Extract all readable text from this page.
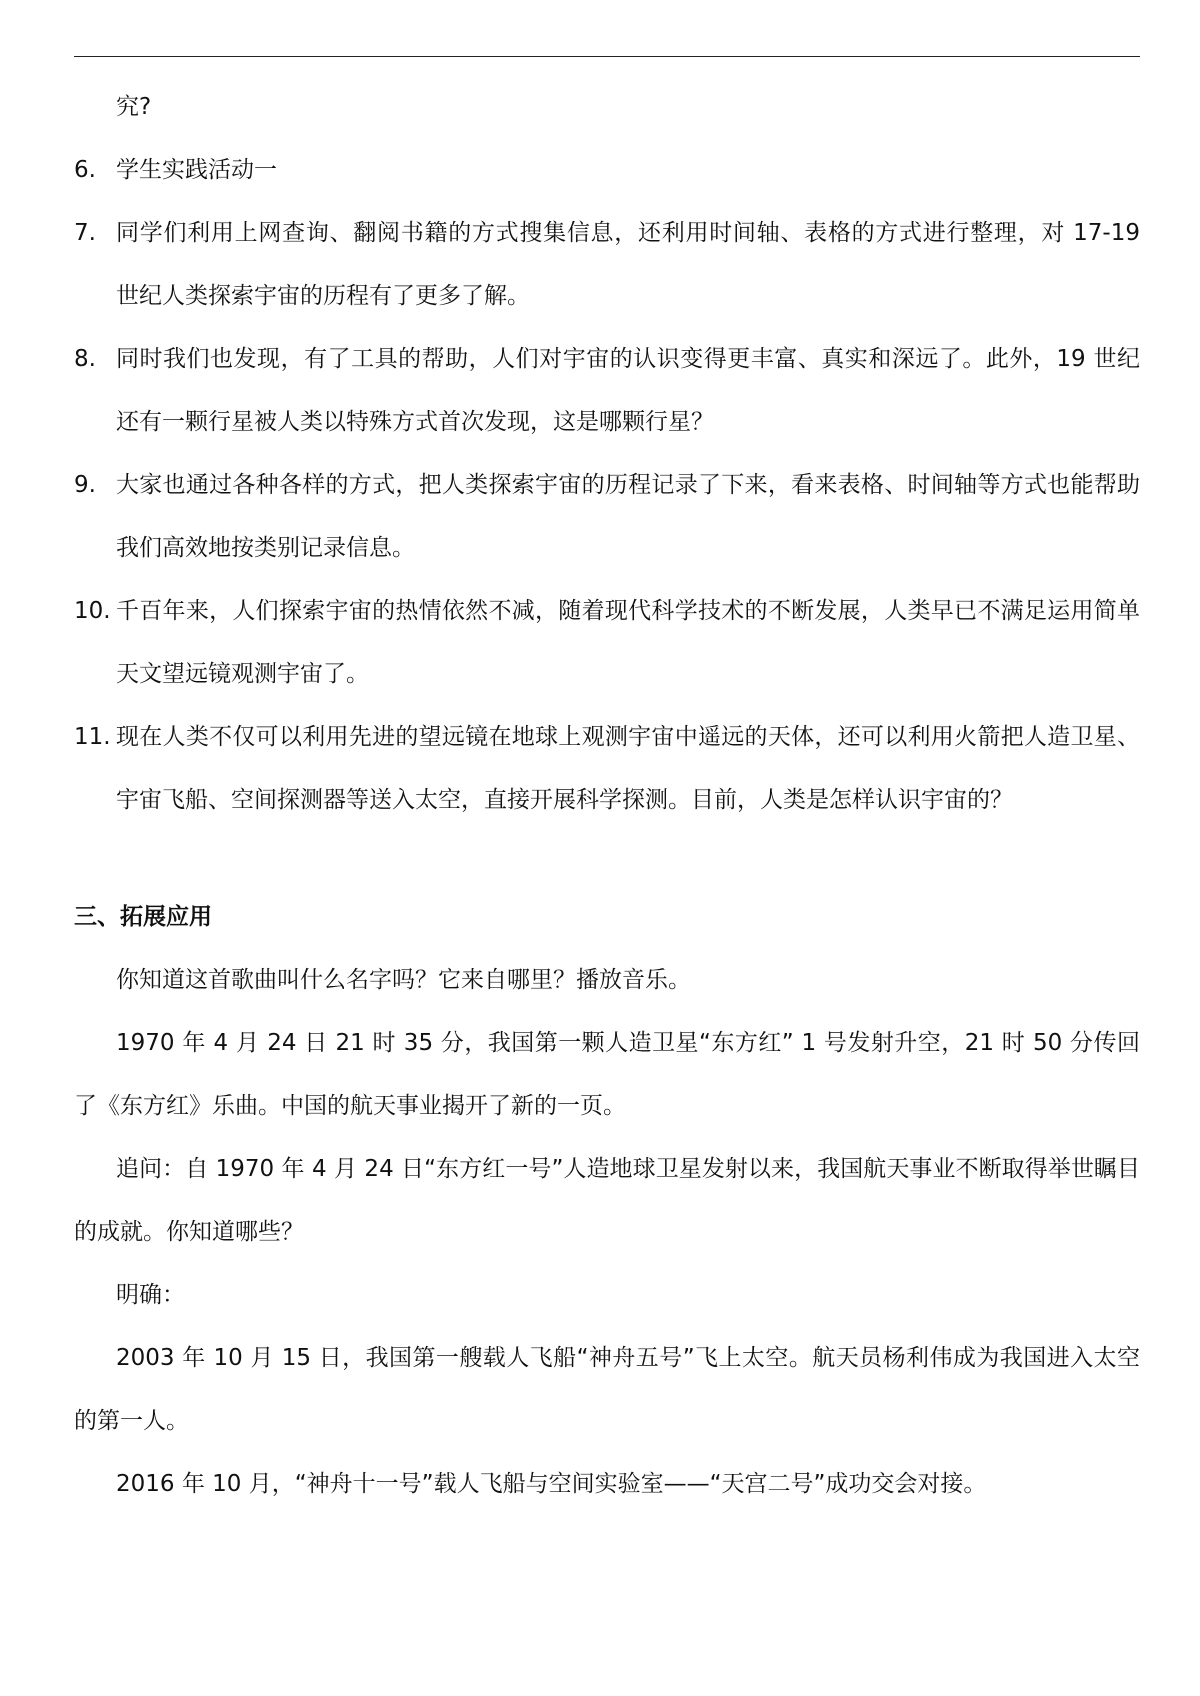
究?
6. 学生实践活动一
7. 同学们利用上网查询、翻阅书籍的方式搜集信息，还利用时间轴、表格的方式进行整理，对 17-19 世纪人类探索宇宙的历程有了更多了解。
8. 同时我们也发现，有了工具的帮助，人们对宇宙的认识变得更丰富、真实和深远了。此外，19 世纪还有一颗行星被人类以特殊方式首次发现，这是哪颗行星？
9. 大家也通过各种各样的方式，把人类探索宇宙的历程记录了下来，看来表格、时间轴等方式也能帮助我们高效地按类别记录信息。
10. 千百年来，人们探索宇宙的热情依然不减，随着现代科学技术的不断发展，人类早已不满足运用简单天文望远镜观测宇宙了。
11. 现在人类不仅可以利用先进的望远镜在地球上观测宇宙中遥远的天体，还可以利用火箭把人造卫星、宇宙飞船、空间探测器等送入太空，直接开展科学探测。目前，人类是怎样认识宇宙的？
三、拓展应用

你知道这首歌曲叫什么名字吗？它来自哪里？播放音乐。

1970 年 4 月 24 日 21 时 35 分，我国第一颗人造卫星“东方红” 1 号发射升空，21 时 50 分传回了《东方红》乐曲。中国的航天事业揭开了新的一页。

追问：自 1970 年 4 月 24 日“东方红一号”人造地球卫星发射以来，我国航天事业不断取得举世瞩目的成就。你知道哪些？

明确：

2003 年 10 月 15 日，我国第一艘载人飞船“神舟五号”飞上太空。航天员杨利伟成为我国进入太空的第一人。

2016 年 10 月，“神舟十一号”载人飞船与空间实验室——“天宫二号”成功交会对接。
